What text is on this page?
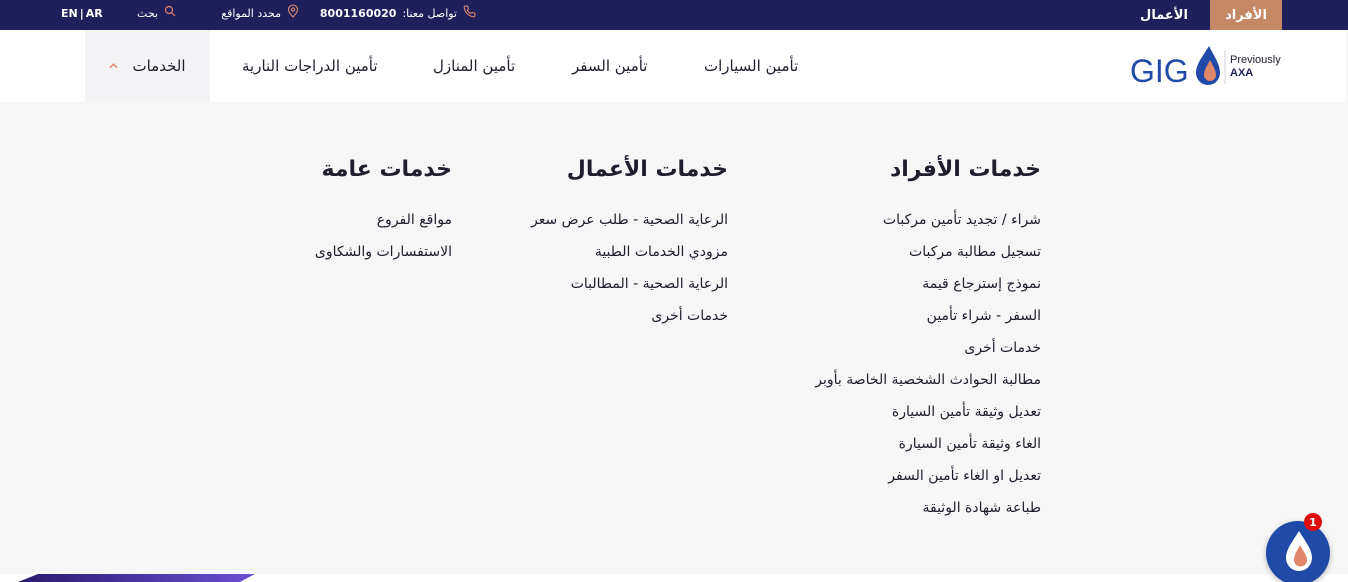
الأفراد
الأعمال
تواصل معنا:
8001160020
محدد المواقع
بحث
EN | AR
GIG	Previously
AXA
تأمين السيارات
تأمين السفر
تأمين المنازل
تأمين الدراجات النارية
الخدمات
خدمات الأفراد
شراء / تجديد تأمين مركبات
تسجيل مطالبة مركبات
نموذج إسترجاع قيمة
السفر - شراء تأمين
خدمات أخرى
مطالبة الحوادث الشخصية الخاصة بأوبر
تعديل وثيقة تأمين السيارة
الغاء وثيقة تأمين السيارة
تعديل او الغاء تأمين السفر
طباعة شهادة الوثيقة
خدمات الأعمال
الرعاية الصحية - طلب عرض سعر
مزودي الخدمات الطبية
الرعاية الصحية - المطالبات
خدمات أخرى
خدمات عامة
مواقع الفروع
الاستفسارات والشكاوى
1
